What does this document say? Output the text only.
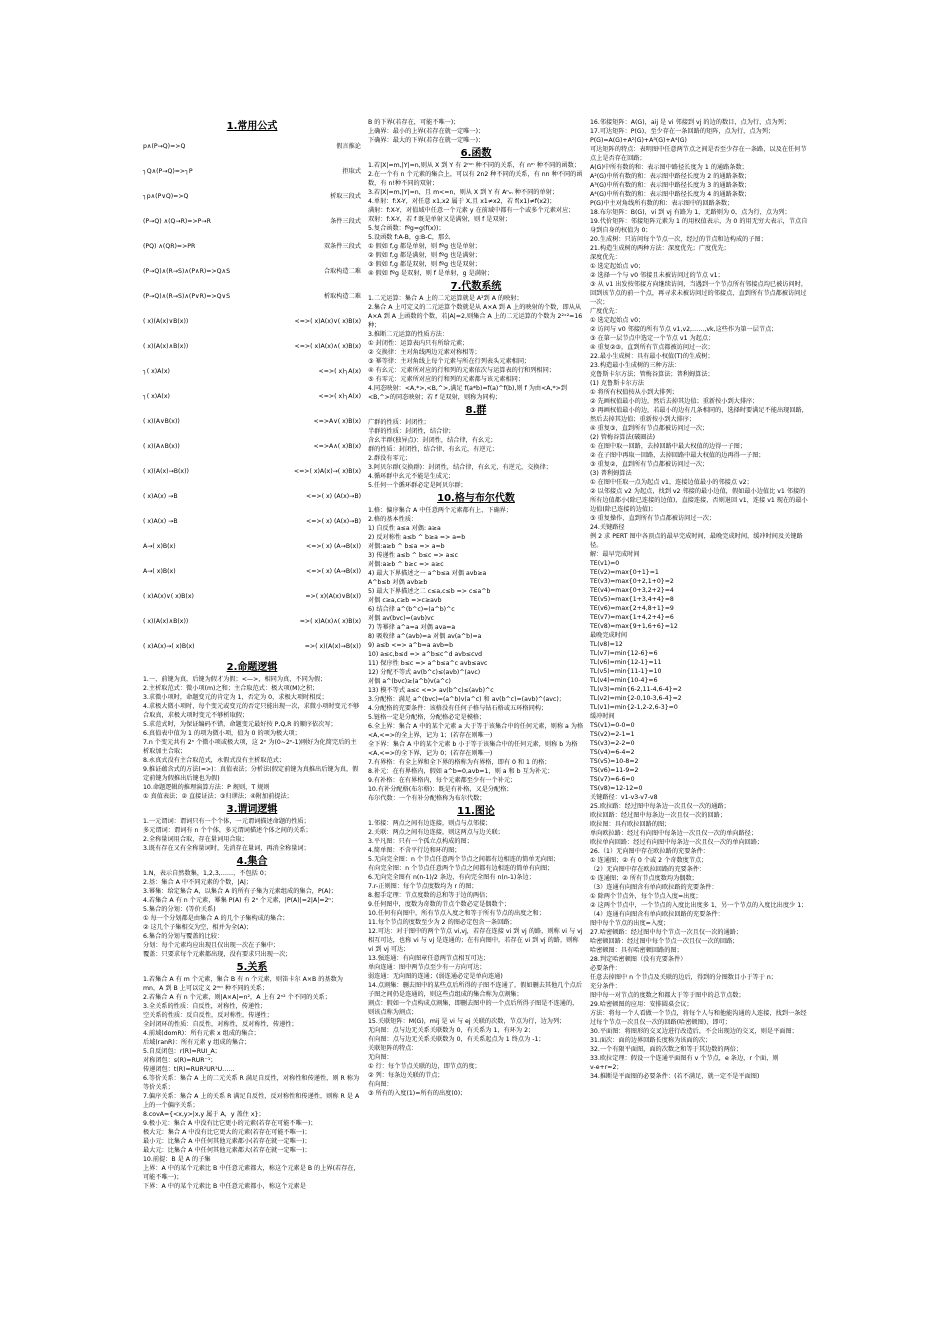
1.常用公式
p∧(P→Q)=>Q	假言推论
┐Q∧(P→Q)=>┐P	拒取式
┐p∧(P∨Q)=>Q	析取三段式
(P→Q) ∧(Q→R)=>P→R	条件三段式
(PQ) ∧(QR)=>PR	双条件三段式
(P→Q)∧(R→S)∧(P∧R)=>Q∧S	合取构造二难
(P→Q)∧(R→S)∧(P∨R)=>Q∨S	析取构造二难
( x)(A(x)∨B(x))	<=>( x)A(x)∨( x)B(x)
( x)(A(x)∧B(x))	<=>( x)A(x)∧( x)B(x)
┐( x)A(x)	<=>( x)┐A(x)
┐( x)A(x)	<=>( x)┐A(x)
( x)(A∨B(x))	<=>A∨( x)B(x)
( x)(A∧B(x))	<=>A∧( x)B(x)
( x)(A(x)→B(x))	<=>( x)A(x)→( x)B(x)
( x)A(x) →B	<=>( x) (A(x)→B)
( x)A(x) →B	<=>( x) (A(x)→B)
A→( x)B(x)	<=>( x) (A→B(x))
A→( x)B(x)	<=>( x) (A→B(x))
( x)A(x)∨( x)B(x)	=>( x)(A(x)∨B(x))
( x)(A(x)∧B(x))	=>( x)A(x)∧( x)B(x)
( x)A(x)→( x)B(x)	=>( x)(A(x)→B(x))
2.命题逻辑
1.一、前键为真，后键为假才为假；<—>，相同为真，不同为假；
2.主析取范式：微小项(m)之和；主合取范式：极大项(M)之积；
3.求微小项时，命题变元的肯定为 1，否定为 0，求极大项时相反；
4.求极大微小项时，每个变元或变元的否定只能出现一次，求微小项时变元不够合取真，求极大项时变元不够析取假；
5.求范式时，为保证编码不错，命题变元最好按 P,Q,R 的顺序依次写；
6.真值表中值为 1 的项为微小项，值为 0 的项为极大项；
7.n 个变元共有 2ⁿ 个微小项或极大项，这 2ⁿ 为(0~2ⁿ-1)刚好为化简完后的主析取加主合取；
8.永真式没有主合取范式，永假式没有主析取范式；
9.推证蕴含式的方法(=>)：真值表法；分析法(假定前键为真推出后键为真，假定前键为假推出后键也为假)
10.命题逻辑的推理演算方法：P 规则，T 规则
① 真值表法；② 直接证法；③归谬法；④附加前提法；
3.谓词逻辑
1.一元谓词：谓词只有一个个体，一元谓词描述命题的性质；
多元谓词：谓词有 n 个个体，多元谓词描述个体之间的关系；
2.全称量词用合取，存在量词用合取；
3.既有存在又有全称量词时，先消存在量词，再消全称量词；
4.集合
1.N，表示自然数集，1,2,3,……，不包括 0；
2.基：集合 A 中不同元素的个数，|A|；
3.幂集：给定集合 A，以集合 A 的所有子集为元素组成的集合，P(A)；
4.若集合 A 有 n 个元素，幂集 P(A) 有 2ⁿ 个元素，|P(A)|=2|A|=2ⁿ；
5.集合的分划：(等价关系)
① 每一个分划都是由集合 A 的几个子集构成的集合；
② 这几个子集相交为空，相并为全(A)；
6.集合的分划与覆盖的比较：
分划：每个元素均应出现且仅出现一次在子集中；
覆盖：只要求每个元素都出现，没有要求只出现一次；
5.关系
1.若集合 A 有 m 个元素，集合 B 有 n 个元素，则笛卡尔 A×B 的基数为 mn，A 到 B 上可以定义 2ᵐⁿ 种不同的关系；
2.若集合 A 有 n 个元素，则|A×A|=n²，A 上有 2ⁿ² 个不同的关系；
3.全关系的性质：自反性，对称性，传递性；
空关系的性质：反自反性，反对称性，传递性；
全封闭环的性质：自反性，对称性，反对称性，传递性；
4.前域(domR)：所有元素 x 组成的集合；
后域(ranR)：所有元素 y 组成的集合；
5.自反闭包：r(R)=RUI_A；
对称闭包：s(R)=RUR⁻¹；
传递闭包：t(R)=RUR²UR³U……
6.等价关系：集合 A 上的二元关系 R 满足自反性，对称性和传递性，则 R 称为等价关系；
7.偏序关系：集合 A 上的关系 R 满足自反性，反对称性和传递性，则称 R 是 A 上的一个偏序关系；
8.covA={<x,y>|x,y 属于 A，y 盖住 x}；
9.极小元：集合 A 中没有比它更小的元素(若存在可能不唯一)；
极大元：集合 A 中没有比它更大的元素(若存在可能不唯一)；
最小元：比集合 A 中任何其他元素都小(若存在就一定唯一)；
最大元：比集合 A 中任何其他元素都大(若存在就一定唯一)；
10.前提：B 是 A 的子集
上界：A 中的某个元素比 B 中任意元素都大，称这个元素是 B 的上界(若存在，可能不唯一)；
下界：A 中的某个元素比 B 中任意元素都小，称这个元素是
B 的下界(若存在，可能不唯一)；
上确界：最小的上界(若存在就一定唯一)；
下确界：最大的下界(若存在就一定唯一)；
6.函数
1.若|X|=m,|Y|=n,则从 X 到 Y 有 2ᵐⁿ 种不同的关系，有 nᵐ 种不同的函数；
2.在一个有 n 个元素的集合上，可以有 2n2 种不同的关系，有 nn 种不同的函数，有 n!种不同的双射；
3.若|X|=m,|Y|=n，且 m<=n，则从 X 到 Y 有 Aⁿₘ 种不同的单射；
4.单射：f:X-Y，对任意 x1,x2 属于 X,且 x1≠x2，若 f(x1)≠f(x2)；
满射：f:X-Y，对值域中任意一个元素 y 在前域中都有一个或多个元素对应；
双射：f:X-Y，若 f 既是单射又是满射，则 f 是双射；
5.复合函数：fºg=g(f(x))；
5.设函数 f:A-B，g:B-C，那么
① 假如 f,g 都是单射，则 fºg 也是单射；
② 假如 f,g 都是满射，则 fºg 也是满射；
③ 假如 f,g 都是双射，则 fºg 也是双射；
④ 假如 fºg 是双射，则 f 是单射，g 是满射；
7.代数系统
1.二元运算：集合 A 上的二元运算就是 A²到 A 的映射；
2.集合 A 上可定义的二元运算个数就是从 A×A 到 A 上的映射的个数，即从从 A×A 到 A 上函数的个数，若|A|=2,则集合 A 上的二元运算的个数为 2²ˣ²=16 种；
3.推断二元运算的性质方法：
① 封闭性：运算表内只有所给元素；
② 交换律：主对角线两边元素对称相等；
③ 幂等律：主对角线上每个元素与所在行列表头元素相同；
④ 有幺元：元素所对应的行和列的元素依次与运算表的行和列相同；
⑤ 有零元：元素所对应的行和列的元素都与该元素相同；
4.同态映射：<A,*>,<B,^>,满足 f(a*b)=f(a)^f(b),则 f 为由<A,*>到<B,^>的同态映射；若 f 是双射，则称为同构；
8.群
广群的性质：封闭性；
半群的性质：封闭性，结合律；
含幺半群(独异点)：封闭性，结合律，有幺元；
群的性质：封闭性，结合律，有幺元，有逆元；
2.群没有零元；
3.阿贝尔群(交换群)：封闭性，结合律，有幺元，有逆元，交换律；
4.循环群中幺元不能是生成元；
5.任何一个循环群必定是阿贝尔群；
10.格与布尔代数
1.格：偏序集合 A 中任意两个元素都有上、下确界；
2.格的基本性质：
1) 自反性 a≤a 对偶: a≥a
2) 反对称性 a≤b ^ b≥a => a=b
对偶:a≥b ^ b≤a => a=b
3) 传递性 a≤b ^ b≤c => a≤c
对偶:a≥b ^ b≥c => a≥c
4) 最大下界描述之一 a^b≤a 对偶 avb≥a
A^b≤b 对偶 avb≥b
5) 最大下界描述之二 c≤a,c≤b => c≤a^b
对偶 c≥a,c≥b =>c≥avb
6) 结合律 a^(b^c)=(a^b)^c
对偶 av(bvc)=(avb)vc
7) 等幂律 a^a=a 对偶 ava=a
8) 吸收律 a^(avb)=a 对偶 av(a^b)=a
9) a≤b <=> a^b=a avb=b
10) a≤c,b≤d => a^b≤c^d avb≤cvd
11) 保序性 b≤c => a^b≤a^c avb≤avc
12) 分配不等式 av(b^c)≤(avb)^(avc)
对偶 a^(bvc)≥(a^b)v(a^c)
13) 模不等式 a≤c <=> av(b^c)≤(avb)^c
3.分配格：满足 a^(bvc)=(a^b)v(a^c) 和 av(b^c)=(avb)^(avc)；
4.分配格的充要条件：该格没有任何子格与钻石格或五环格同构；
5.链格一定是分配格，分配格必定是模格；
6.全上界：集合 A 中的某个元素 a 大于等于该集合中的任何元素，则称 a 为格<A,<=>的全上界，记为 1；(若存在则唯一)
全下界：集合 A 中的某个元素 b 小于等于该集合中的任何元素，则称 b 为格<A,<=>的全下界，记为 0；(若存在则唯一)
7.有界格：有全上界和全下界的格称为有界格，即有 0 和 1 的格；
8.补元：在有界格内，假如 a^b=0,avb=1，则 a 和 b 互为补元；
9.有补格：在有界格内，每个元素都至少有一个补元；
10.有补分配格(布尔格)：既是有补格，又是分配格；
布尔代数：一个有补分配格称为布尔代数；
11.图论
1.邻接：两点之间有边连接，则点与点邻接；
2.关联：两点之间有边连接，则这两点与边关联；
3.平凡图：只有一个孤立点构成的图；
4.简单图：不含平行边和环的图；
5.无向完全图：n 个节点任意两个节点之间都有边相连的简单无向图；
有向完全图：n 个节点任意两个节点之间都有边相连的简单有向图；
6.无向完全图有 n(n-1)/2 条边，有向完全图有 n(n-1)条边；
7.r-正则图：每个节点度数均为 r 的图；
8.握手定理：节点度数的总和等于边的两倍；
9.任何图中，度数为奇数的节点个数必定是偶数个；
10.任何有向图中，所有节点入度之和等于所有节点的出度之和；
11.每个节点的度数至少为 2 的图必定包含一条回路；
12.可达：对于图中的两个节点 vi,vj，若存在连接 vi 到 vj 的路，则称 vi 与 vj 相互可达，也称 vi 与 vj 是连通的；在有向图中，若存在 vi 到 vj 的路，则称 vi 到 vj 可达；
13.强连通：有向图章任意两节点相互可达；
单向连通：图中两节点至少有一方向可达；
弱连通：无向图的连通；(弱连通必定是单向连通)
14.点割集：删去图中的某些点后所得的子图不连通了，假如删去其他几个点后子图之间仍是连通的，则这些点组成的集合称为点割集；
割点：假如一个点构成点割集，即删去图中的一个点后所得子图是不连通的，则该点称为割点；
15.关联矩阵：M(G)，mij 是 vi 与 ej 关联的次数，节点为行，边为列；
无向图：点与边无关系关联数为 0，有关系为 1，有环为 2；
有向图：点与边无关系关联数为 0，有关系起点为 1 终点为 -1；
关联矩阵的特点：
无向图：
① 行：每个节点关联的边，即节点的度；
② 列：每条边关联的节点；
有向图：
③ 所有的入度(1)=所有的出度(0)；
16.邻接矩阵：A(G)，aij 是 vi 邻接到 vj 的边的数目，点为行，点为列；
17.可达矩阵：P(G)，至少存在一条回路的矩阵，点为行，点为列；
P(G)=A(G)+A²(G)+A³(G)+A⁴(G)
可达矩阵的特点：表明图中任意两节点之间是否至少存在一条路，以及在任何节点上是否存在回路；
A(G)中所有数的和：表示图中路径长度为 1 的通路条数；
A²(G)中所有数的和：表示图中路径长度为 2 的通路条数；
A³(G)中所有数的和：表示图中路径长度为 3 的通路条数；
A⁴(G)中所有数的和：表示图中路径长度为 4 的通路条数；
P(G)中主对角线所有数的和：表示图中的回路条数；
18.布尔矩阵：B(G)，vi 到 vj 有路为 1，无路则为 0，点为行，点为列；
19.代价矩阵：邻接矩阵元素为 1 的用权值表示，为 0 的用无穷大表示，节点自身到自身的权值为 0；
20.生成树：只访问每个节点一次，经过的节点和边构成的子图；
21.构造生成树的两种方法：深度优先；广度优先；
深度优先：
① 选定起始点 v0；
② 选择一个与 v0 邻接且未被访问过的节点 v1；
③ 从 v1 出发按邻接方向继续访问，当遇到一个节点所有邻接点均已被访问时，回到该节点的前一个点，再寻求未被访问过的邻接点，直到所有节点都被访问过一次；
广度优先：
① 选定起始点 v0；
② 访问与 v0 邻接的所有节点 v1,v2,……,vk,这些作为第一层节点；
③ 在第一层节点中选定一个节点 v1 为起点；
④ 重复②③，直到所有节点都被访问过一次；
22.最小生成树：具有最小权值(T)的生成树；
23.构造最小生成树的三种方法：
克鲁斯卡尔方法；管梅谷算法；普利姆算法；
(1) 克鲁斯卡尔方法
① 将所有权值按从小到大排列；
② 先画权值最小的边，然后去掉其边值；重新按小到大排序；
③ 再画权值最小的边，若最小的边有几条相同的，选择时要满足不能出现回路，然后去掉其边值；重新按小到大排序；
④ 重复③，直到所有节点都被访问过一次；
(2) 管梅谷算法(破圈法)
① 在图中取一回路，去掉回路中最大权值的边得一子图；
② 在子图中再取一回路，去掉回路中最大权值的边再得一子图；
③ 重复②，直到所有节点都被访问过一次；
(3) 普利姆算法
① 在图中任取一点为起点 v1，连接边值最小的邻接点 v2；
② 以邻接点 v2 为起点，找到 v2 邻接的最小边值，假如最小边值比 v1 邻接的所有边值都小(除已连接的边值)，直接连接，否则退回 v1，连接 v1 现在的最小边值(除已连接的边值)；
③ 重复操作，直到所有节点都被访问过一次；
24.关键路径
例 2 求 PERT 图中各顶点的最早完成时间，最晚完成时间，缓冲时间及关键路径。
解：最早完成时间
TE(v1)=0
TE(v2)=max{0+1}=1
TE(v3)=max{0+2,1+0}=2
TE(v4)=max{0+3,2+2}=4
TE(v5)=max{1+3,4+4}=8
TE(v6)=max{2+4,8+1}=9
TE(v7)=max{1+4,2+4}=6
TE(v8)=max{9+1,6+6}=12
最晚完成时间
TL(v8)=12
TL(v7)=min{12-6}=6
TL(v6)=min{12-1}=11
TL(v5)=min{11-1}=10
TL(v4)=min{10-4}=6
TL(v3)=min{6-2,11-4,6-4}=2
TL(v2)=min{2-0,10-3,6-4}=2
TL(v1)=min{2-1,2-2,6-3}=0
缓冲时间
TS(v1)=0-0=0
TS(v2)=2-1=1
TS(v3)=2-2=0
TS(v4)=6-4=2
TS(v5)=10-8=2
TS(v6)=11-9=2
TS(v7)=6-6=0
TS(v8)=12-12=0
关键路径：v1-v3-v7-v8
25.欧拉路：经过图中每条边一次且仅一次的通路；
欧拉回路：经过图中每条边一次且仅一次的回路；
欧拉图：具有欧拉回路的图；
单向欧拉路：经过有向图中每条边一次且仅一次的单向路径；
欧拉单向回路：经过有向图中每条边一次且仅一次的单向回路；
26.（1）无向图中存在欧拉路的充要条件：
① 连通图；② 有 0 个或 2 个奇数度节点；
（2）无向图中存在欧拉回路的充要条件：
① 连通图；② 所有节点度数均为偶数；
（3）连通有向图含有单向欧拉路的充要条件：
① 除两个节点外，每个节点入度=出度；
② 这两个节点中，一个节点的入度比出度多 1，另一个节点的入度比出度少 1；
（4）连通有向图含有单向欧拉回路的充要条件：
图中每个节点的出度=入度；
27.哈密顿路：经过图中每个节点一次且仅一次的通路；
哈密顿回路：经过图中每个节点一次且仅一次的回路；
哈密顿图：具有哈密顿回路的图；
28.判定哈密顿图（没有充要条件）
必要条件：
任意去掉图中 n 个节点及关联的边后，得到的分图数目小于等于 n；
充分条件：
图中每一对节点的度数之和都大于等于图中的总节点数；
29.哈密顿图的应用：安排圆桌会议；
方法：将每一个人看做一个节点，将每个人与和他能沟通的人连接，找到一条经过每个节点一次且仅一次的回路(哈密顿图)，即可；
30.平面图：将图形的交叉边进行改造后，不会出现边的交叉，则是平面图；
31.面次：面的边界回路长度称为该面的次；
32.一个有限平面图，面的次数之和等于其边数的两倍；
33.欧拉定理：假设一个连通平面图有 v 个节点，e 条边，r 个面，则
v-e+r=2；
34.推断是平面图的必要条件：(若不满足，就一定不是平面图)
